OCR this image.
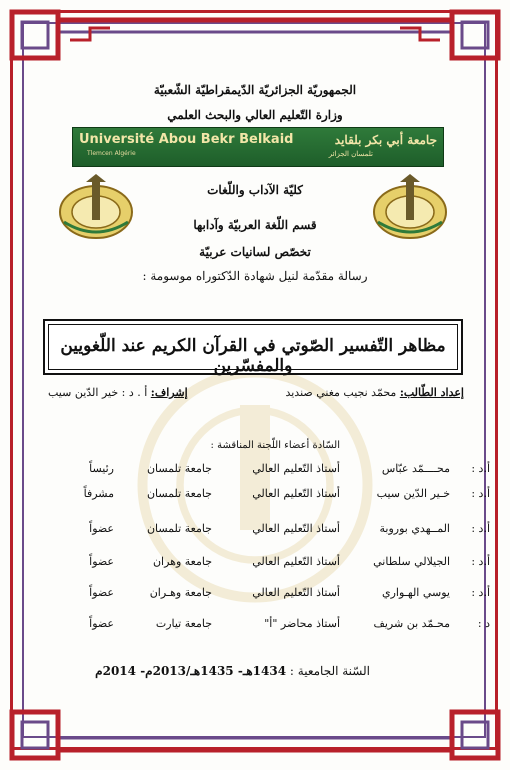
الجمهوريّة الجزائريّة الدّيمقراطيّة الشّعبيّة
وزارة التّعليم العالي والبحث العلمي
Université Abou Bekr Belkaid
Tlemcen Algérie
جامعة أبي بكر بلقايد
تلمسان الجزائر
كليّة الآداب واللّغات
قسم اللّغة العربيّة وآدابها
تخصّص لسانيات عربيّة
رسالة مقدّمة لنيل شهادة الدّكتوراه موسومة :
مظاهر التّفسير الصّوتي في القرآن الكريم عند اللّغويين والمفسّرين
إعداد الطّالب: محمّد نجيب مغني صنديد
إشراف: أ . د : خير الدّين سيب
السّادة أعضاء اللّجنة المناقشة :
أ.د :
محــــمّد عبّاس
أستاذ التّعليم العالي
جامعة تلمسان
رئيساً
أ.د :
خـير الدّين سيب
أستاذ التّعليم العالي
جامعة تلمسان
مشرفاً
أ.د :
المــهدي بوروبة
أستاذ التّعليم العالي
جامعة تلمسان
عضواً
أ.د :
الجيلالي سلطاني
أستاذ التّعليم العالي
جامعة وهران
عضواً
أ.د :
يوسي الهـواري
أستاذ التّعليم العالي
جامعة وهـران
عضواً
د :
محـمّد بن شريف
أستاذ محاضر "أ"
جامعة تيارت
عضواً
السّنة الجامعية : 1434هـ- 1435هـ/2013م- 2014م
